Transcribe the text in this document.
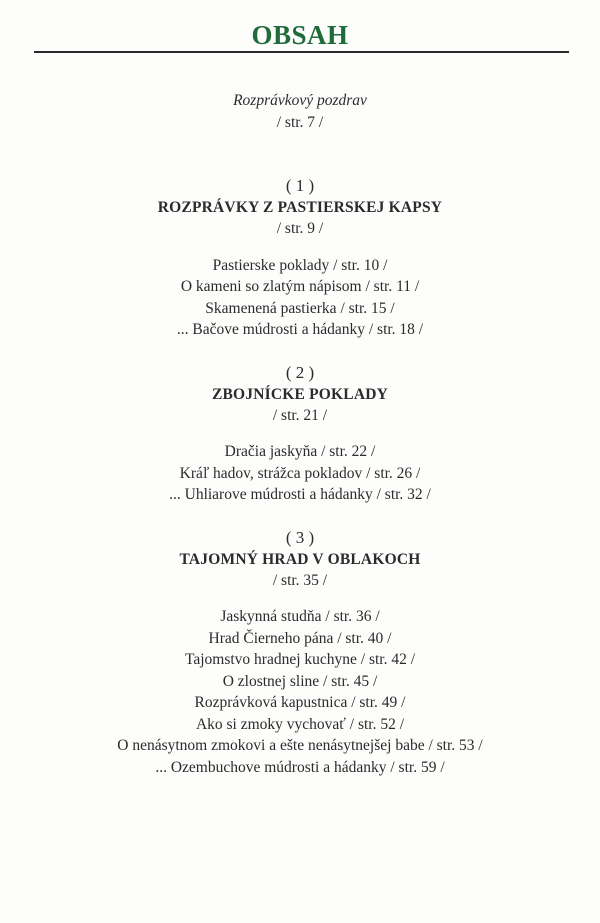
OBSAH
Rozprávkový pozdrav
/ str. 7 /
( 1 )
ROZPRÁVKY Z PASTIERSKEJ KAPSY
/ str. 9 /
Pastierske poklady / str. 10 /
O kameni so zlatým nápisom / str. 11 /
Skamenená pastierka / str. 15 /
... Bačove múdrosti a hádanky / str. 18 /
( 2 )
ZBOJNÍCKE POKLADY
/ str. 21 /
Dračia jaskyňa / str. 22 /
Kráľ hadov, strážca pokladov / str. 26 /
... Uhliarove múdrosti a hádanky / str. 32 /
( 3 )
TAJOMNÝ HRAD V OBLAKOCH
/ str. 35 /
Jaskynná studňa / str. 36 /
Hrad Čierneho pána / str. 40 /
Tajomstvo hradnej kuchyne / str. 42 /
O zlostnej sline / str. 45 /
Rozprávková kapustnica / str. 49 /
Ako si zmoky vychovať / str. 52 /
O nenásytnom zmokovi a ešte nenásytnejšej babe / str. 53 /
... Ozembuchove múdrosti a hádanky / str. 59 /
